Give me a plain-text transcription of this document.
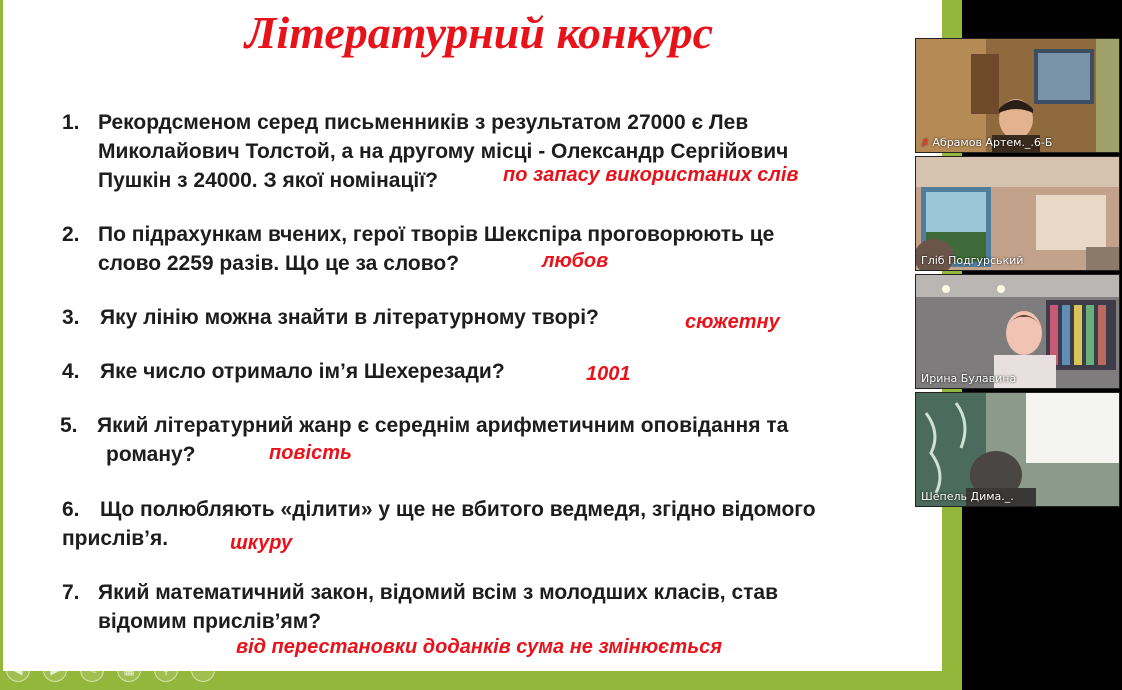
Літературний конкурс
1. Рекордсменом серед письменників з результатом 27000 є Лев
Миколайович Толстой, а на другому місці - Олександр Сергійович
Пушкін з 24000. З якої номінації?	по запасу використаних слів
2. По підрахункам вчених, герої творів Шекспіра проговорюють це
слово 2259 разів. Що це за слово?	любов
3. Яку лінію можна знайти в літературному творі?	сюжетну
4. Яке число отримало ім’я Шехерезади?	1001
5. Який літературний жанр є середнім арифметичним оповідання та
роману?	повість
6. Що полюбляють «ділити» у ще не вбитого ведмедя, згідно відомого
прислів’я.	шкуру
7. Який математичний закон, відомий всім з молодших класів, став
відомим прислів’ям?
від перестановки доданків сума не змінюється
◀	▶	✎	▦	⚲	⋯
✗ Абрамов Артем._.6-Б
Гліб Подгурський
Ирина Булавина
Шепель Дима._.
